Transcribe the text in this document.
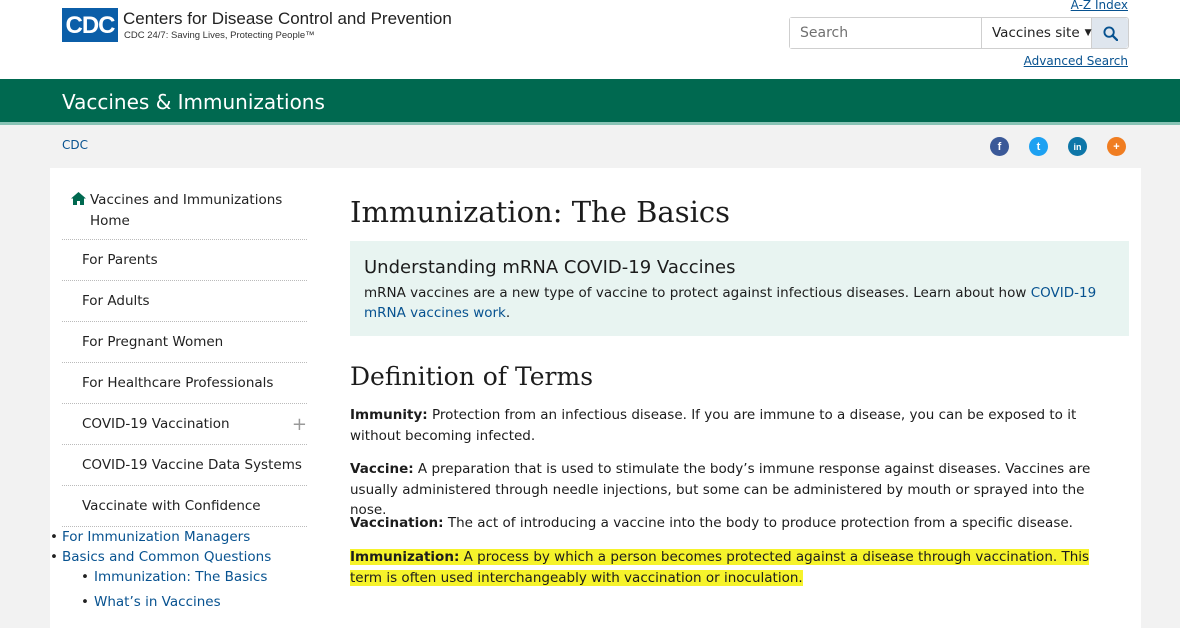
CDC Centers for Disease Control and Prevention
CDC 24/7: Saving Lives, Protecting People™
A-Z Index
Search
Vaccines site ▼
Advanced Search
Vaccines & Immunizations
CDC	f	t	in	+
Vaccines and Immunizations Home
For Parents
For Adults
For Pregnant Women
For Healthcare Professionals
COVID-19 Vaccination	+
COVID-19 Vaccine Data Systems
Vaccinate with Confidence
• For Immunization Managers
• Basics and Common Questions
• Immunization: The Basics
• What’s in Vaccines
Immunization: The Basics
Understanding mRNA COVID-19 Vaccines
mRNA vaccines are a new type of vaccine to protect against infectious diseases. Learn about how COVID-19 mRNA vaccines work.
Definition of Terms

Immunity: Protection from an infectious disease. If you are immune to a disease, you can be exposed to it without becoming infected.

Vaccine: A preparation that is used to stimulate the body’s immune response against diseases. Vaccines are usually administered through needle injections, but some can be administered by mouth or sprayed into the nose.

Vaccination: The act of introducing a vaccine into the body to produce protection from a specific disease.

Immunization: A process by which a person becomes protected against a disease through vaccination. This term is often used interchangeably with vaccination or inoculation.
